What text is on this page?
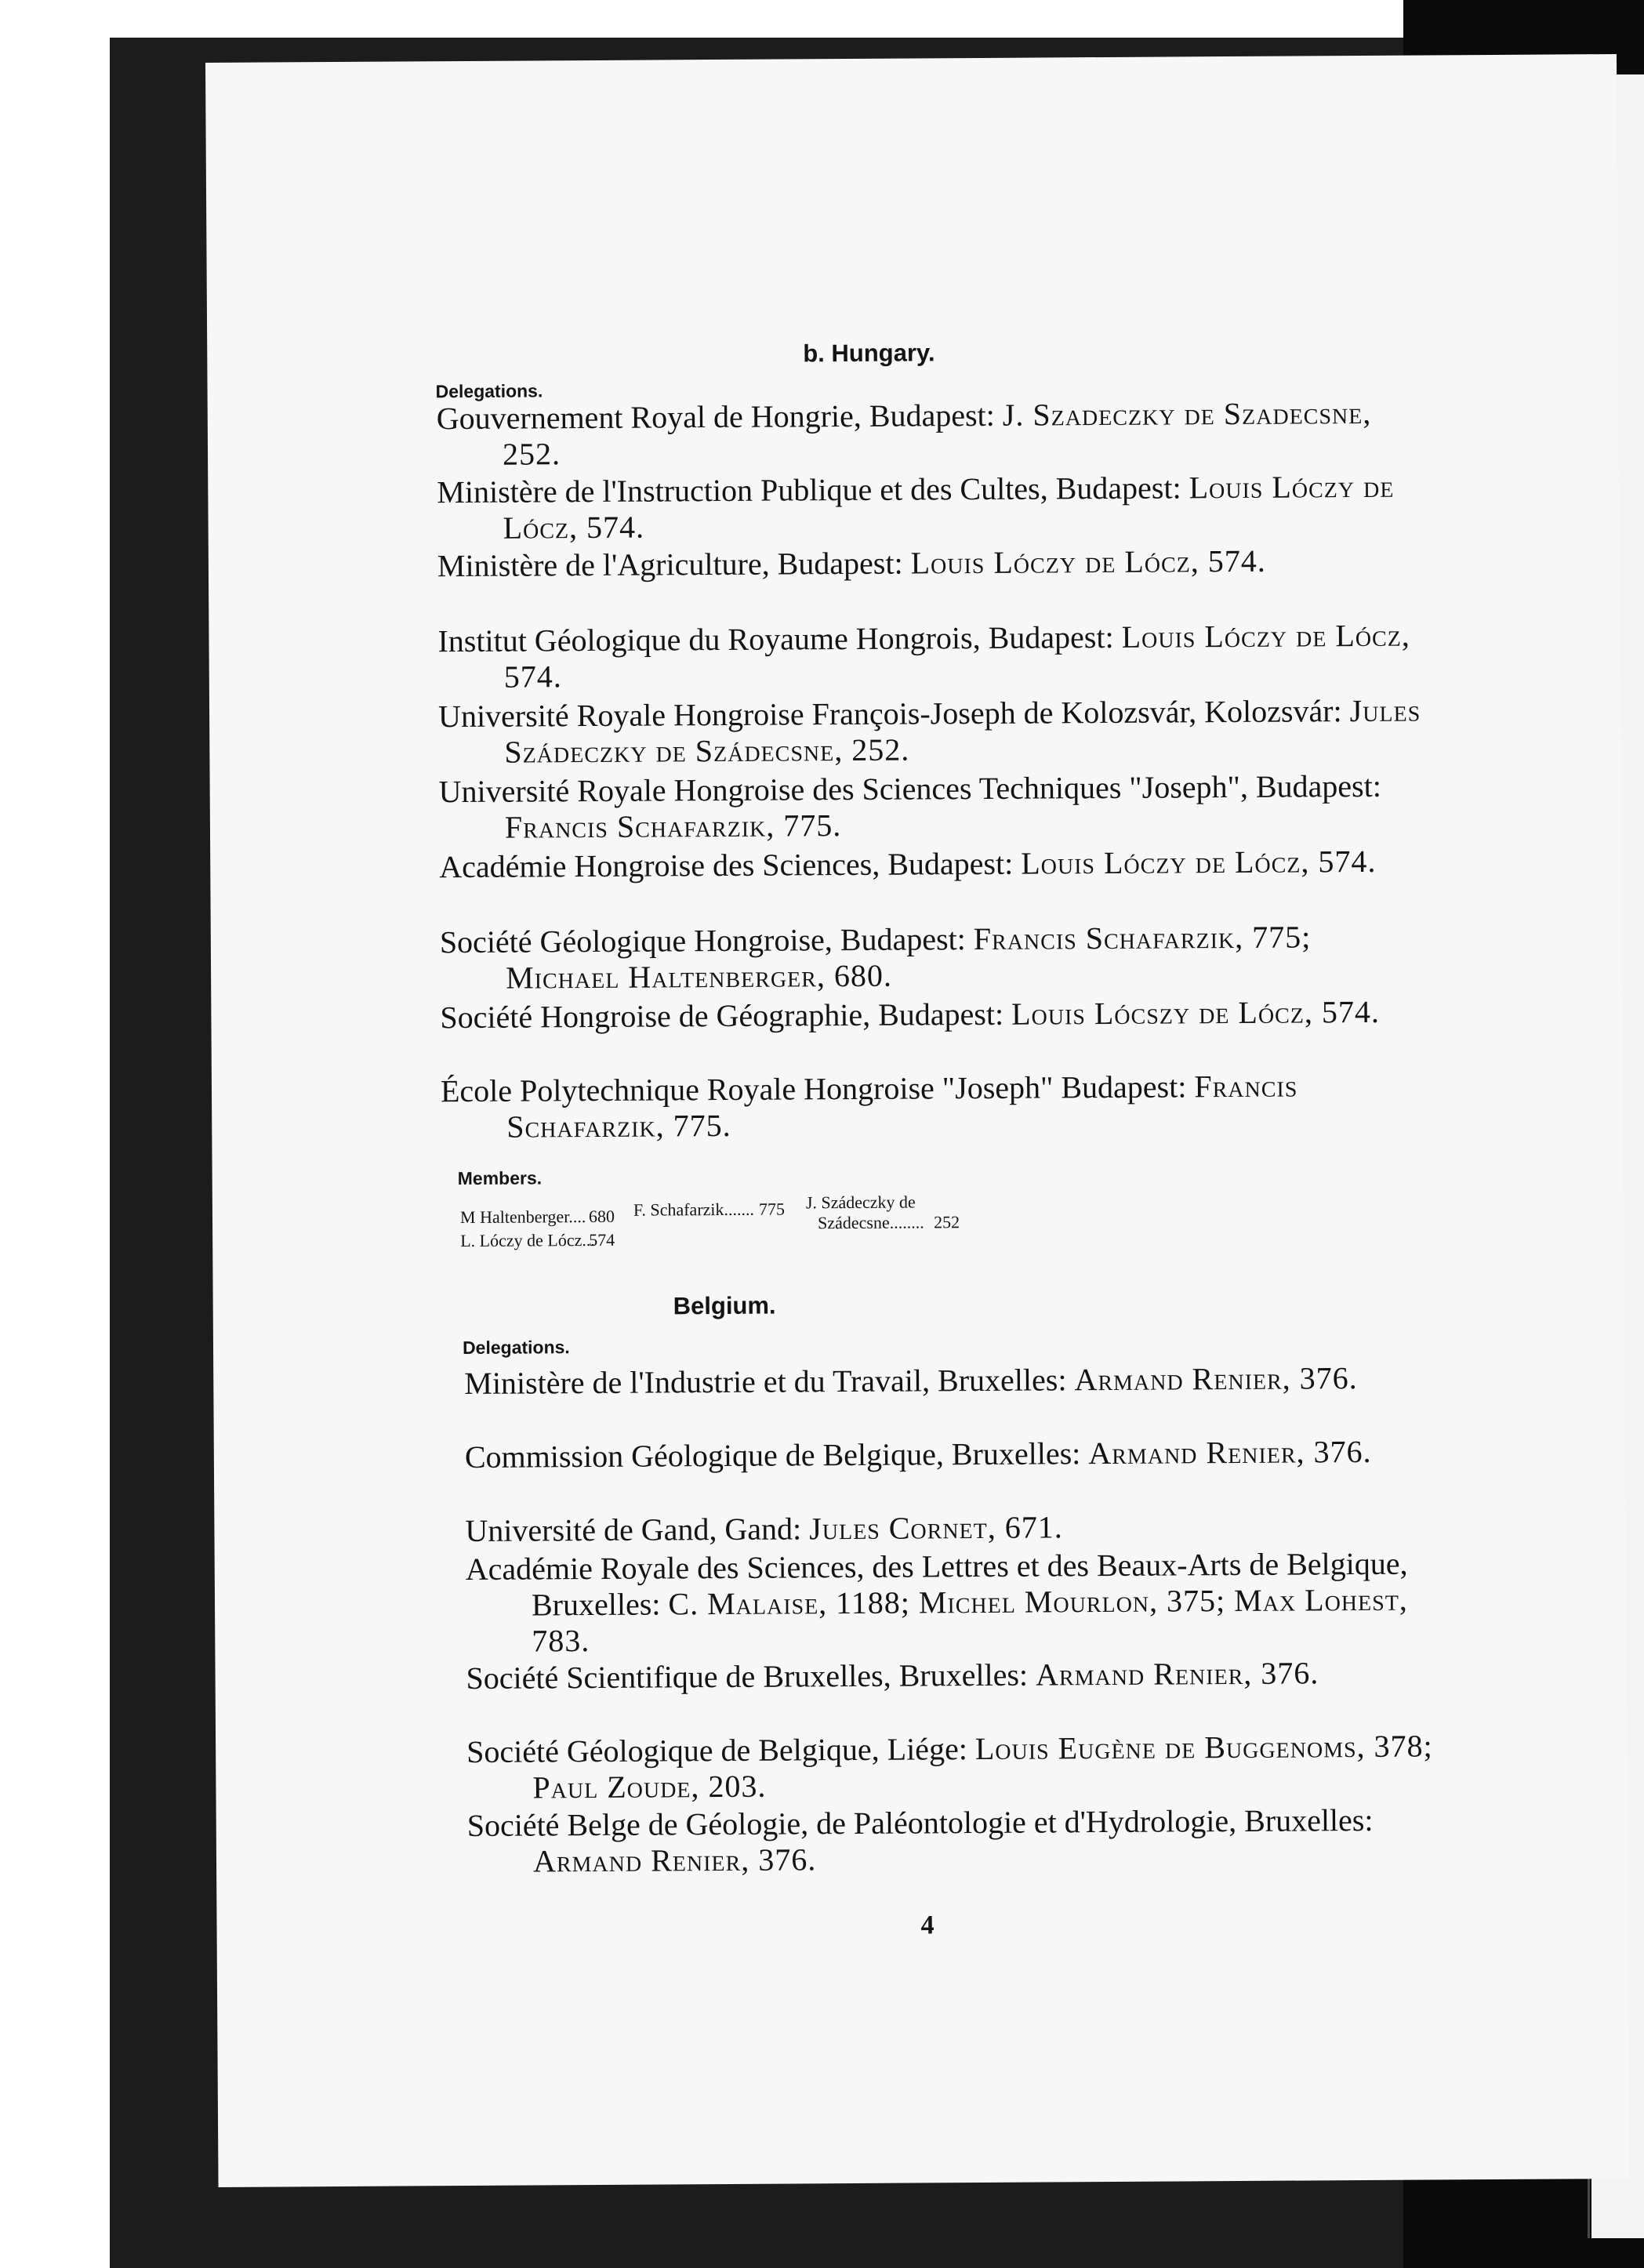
b. Hungary.
Delegations.
Gouvernement Royal de Hongrie, Budapest: J. Szadeczky de Szadecsne, 252.
Ministère de l'Instruction Publique et des Cultes, Budapest: Louis Lóczy de Lócz, 574.
Ministère de l'Agriculture, Budapest: Louis Lóczy de Lócz, 574.
Institut Géologique du Royaume Hongrois, Budapest: Louis Lóczy de Lócz, 574.
Université Royale Hongroise François-Joseph de Kolozsvár, Kolozsvár: Jules Szádeczky de Szádecsne, 252.
Université Royale Hongroise des Sciences Techniques "Joseph", Budapest: Francis Schafarzik, 775.
Académie Hongroise des Sciences, Budapest: Louis Lóczy de Lócz, 574.
Société Géologique Hongroise, Budapest: Francis Schafarzik, 775; Michael Haltenberger, 680.
Société Hongroise de Géographie, Budapest: Louis Lócszy de Lócz, 574.
École Polytechnique Royale Hongroise "Joseph" Budapest: Francis Schafarzik, 775.
Members.
M Haltenberger.... 680
L. Lóczy de Lócz...
574
F. Schafarzik....... 775 J. Szádeczky de
Szádecsne........ 252
Belgium.
Delegations.
Ministère de l'Industrie et du Travail, Bruxelles: Armand Renier, 376.
Commission Géologique de Belgique, Bruxelles: Armand Renier, 376.
Université de Gand, Gand: Jules Cornet, 671.
Académie Royale des Sciences, des Lettres et des Beaux-Arts de Belgique, Bruxelles: C. Malaise, 1188; Michel Mourlon, 375; Max Lohest, 783.
Société Scientifique de Bruxelles, Bruxelles: Armand Renier, 376.
Société Géologique de Belgique, Liége: Louis Eugène de Buggenoms, 378; Paul Zoude, 203.
Société Belge de Géologie, de Paléontologie et d'Hydrologie, Bruxelles: Armand Renier, 376.
4
